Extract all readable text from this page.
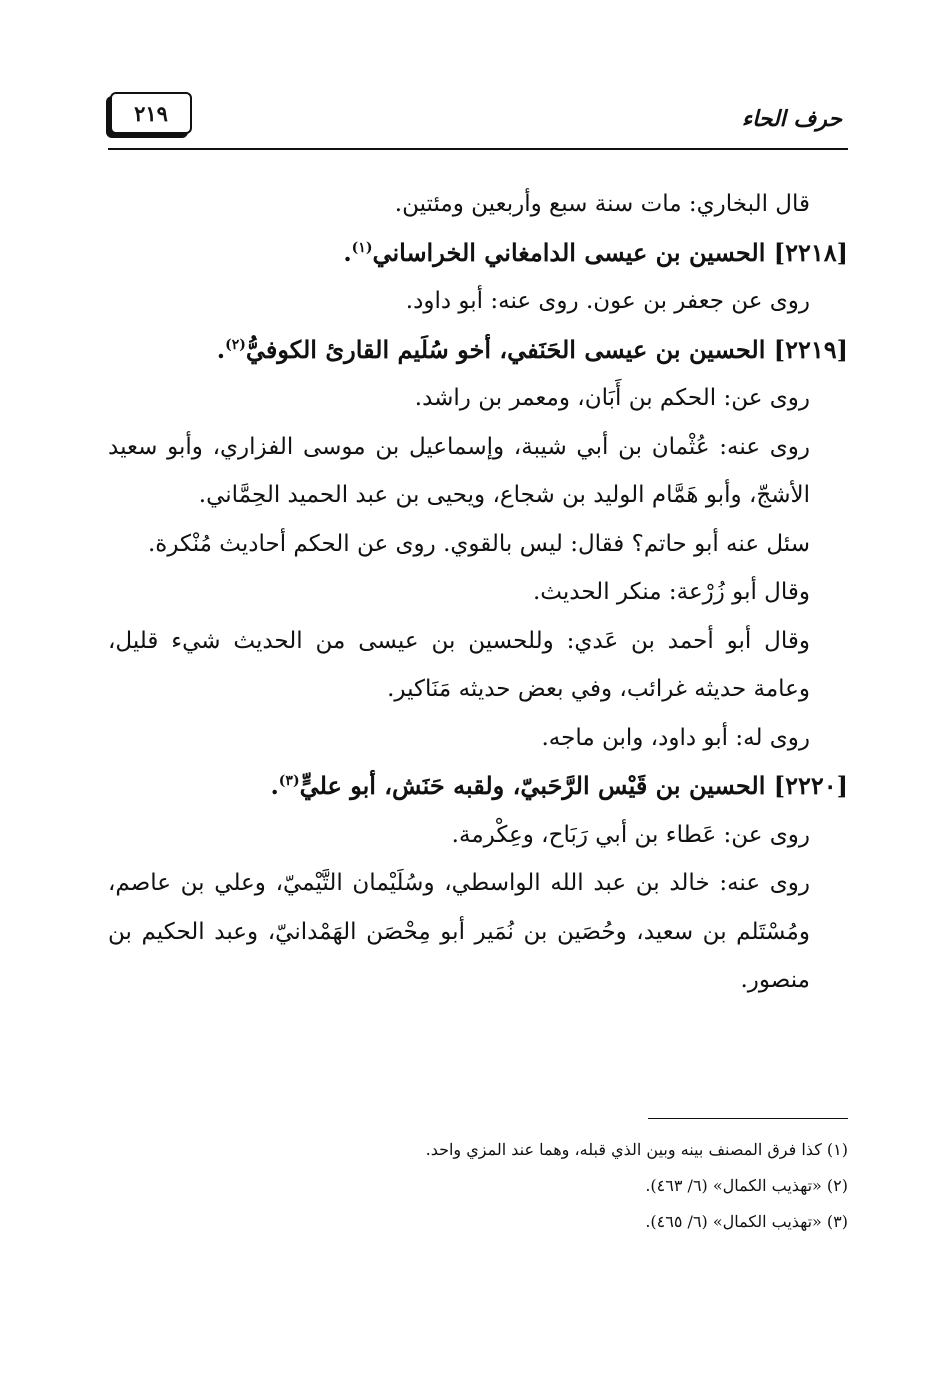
حرف الحاء
٢١٩

قال البخاري: مات سنة سبع وأربعين ومئتين.

[٢٢١٨] الحسين بن عيسى الدامغاني الخراساني$^{(١)}$.

روى عن جعفر بن عون. روى عنه: أبو داود.

[٢٢١٩] الحسين بن عيسى الحَنَفي، أخو سُلَيم القارئ الكوفيُّ$^{(٢)}$.

روى عن: الحكم بن أَبَان، ومعمر بن راشد.

روى عنه: عُثْمان بن أبي شيبة، وإسماعيل بن موسى الفزاري، وأبو سعيد الأشجّ، وأبو هَمَّام الوليد بن شجاع، ويحيى بن عبد الحميد الحِمَّاني.

سئل عنه أبو حاتم؟ فقال: ليس بالقوي. روى عن الحكم أحاديث مُنْكرة.

وقال أبو زُرْعة: منكر الحديث.

وقال أبو أحمد بن عَدي: وللحسين بن عيسى من الحديث شيء قليل، وعامة حديثه غرائب، وفي بعض حديثه مَنَاكير.

روى له: أبو داود، وابن ماجه.

[٢٢٢٠] الحسين بن قَيْس الرَّحَبيّ، ولقبه حَنَش، أبو عليٍّ$^{(٣)}$.

روى عن: عَطاء بن أبي رَبَاح، وعِكْرمة.

روى عنه: خالد بن عبد الله الواسطي، وسُلَيْمان التَّيْميّ، وعلي بن عاصم، ومُسْتَلم بن سعيد، وحُصَين بن نُمَير أبو مِحْصَن الهَمْدانيّ، وعبد الحكيم بن منصور.

(١) كذا فرق المصنف بينه وبين الذي قبله، وهما عند المزي واحد.

(٢) «تهذيب الكمال» (٦/ ٤٦٣).

(٣) «تهذيب الكمال» (٦/ ٤٦٥).
